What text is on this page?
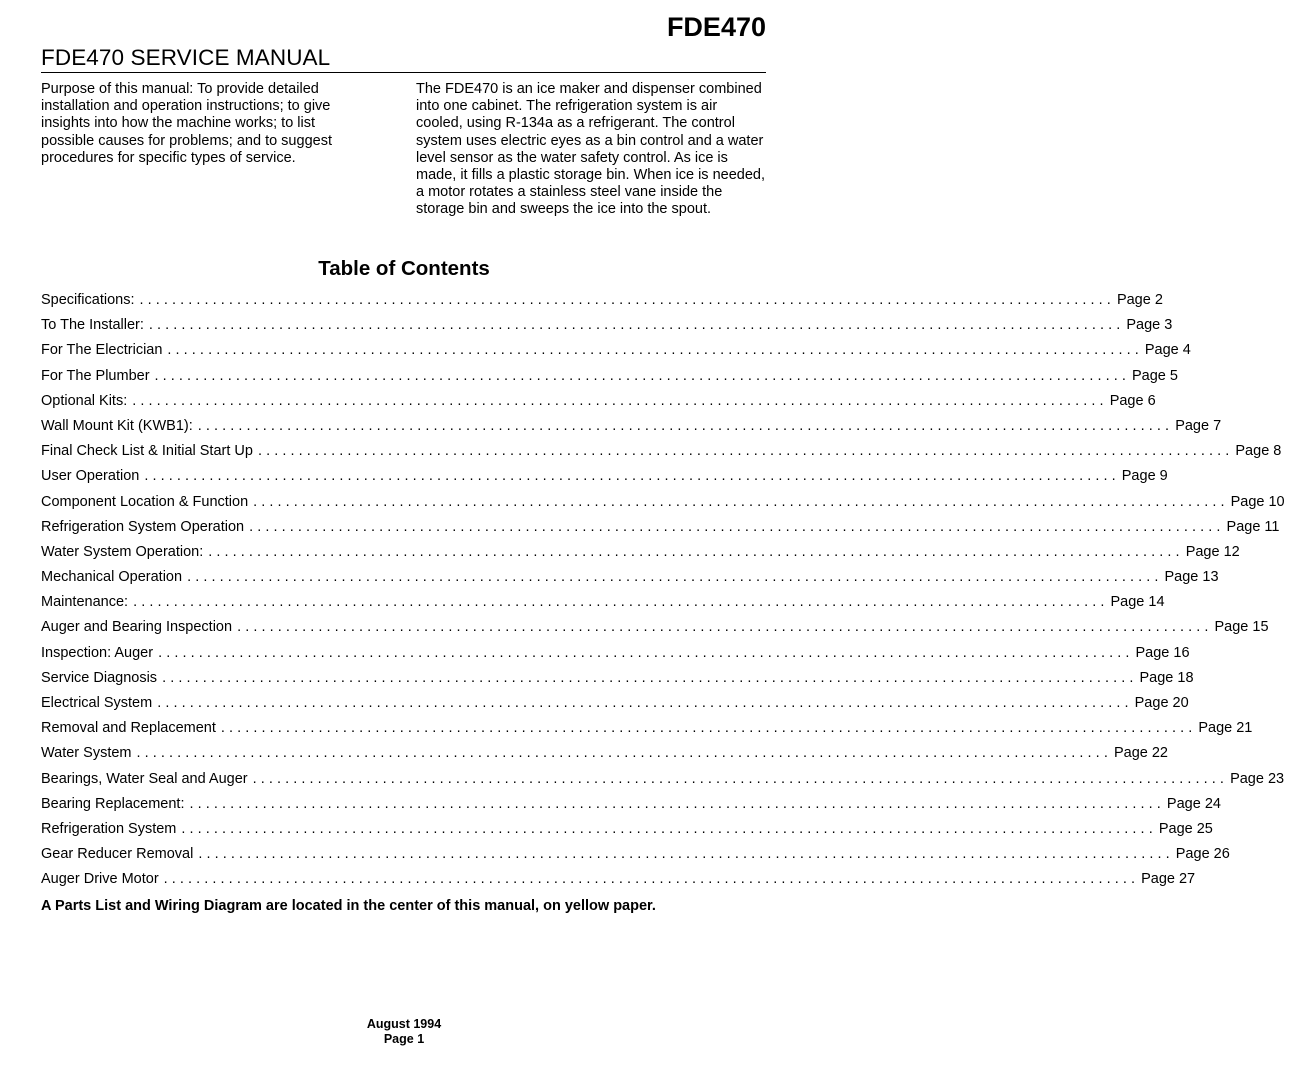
FDE470
FDE470 SERVICE MANUAL
Purpose of this manual: To provide detailed installation and operation instructions; to give insights into how the machine works; to list possible causes for problems; and to suggest procedures for specific types of service.
The FDE470 is an ice maker and dispenser combined into one cabinet. The refrigeration system is air cooled, using R-134a as a refrigerant. The control system uses electric eyes as a bin control and a water level sensor as the water safety control. As ice is made, it fills a plastic storage bin. When ice is needed, a motor rotates a stainless steel vane inside the storage bin and sweeps the ice into the spout.
Table of Contents
Specifications: ........................................................................................................................ Page 2
To The Installer: ........................................................................................................................ Page 3
For The Electrician ........................................................................................................................ Page 4
For The Plumber ........................................................................................................................ Page 5
Optional Kits: ........................................................................................................................ Page 6
Wall Mount Kit (KWB1): ........................................................................................................................ Page 7
Final Check List & Initial Start Up ........................................................................................................................ Page 8
User Operation ........................................................................................................................ Page 9
Component Location & Function ........................................................................................................................ Page 10
Refrigeration System Operation ........................................................................................................................ Page 11
Water System Operation: ........................................................................................................................ Page 12
Mechanical Operation ........................................................................................................................ Page 13
Maintenance: ........................................................................................................................ Page 14
Auger and Bearing Inspection ........................................................................................................................ Page 15
Inspection: Auger ........................................................................................................................ Page 16
Service Diagnosis ........................................................................................................................ Page 18
Electrical System ........................................................................................................................ Page 20
Removal and Replacement ........................................................................................................................ Page 21
Water System ........................................................................................................................ Page 22
Bearings, Water Seal and Auger ........................................................................................................................ Page 23
Bearing Replacement: ........................................................................................................................ Page 24
Refrigeration System ........................................................................................................................ Page 25
Gear Reducer Removal ........................................................................................................................ Page 26
Auger Drive Motor ........................................................................................................................ Page 27
A Parts List and Wiring Diagram are located in the center of this manual, on yellow paper.
August 1994
Page 1
